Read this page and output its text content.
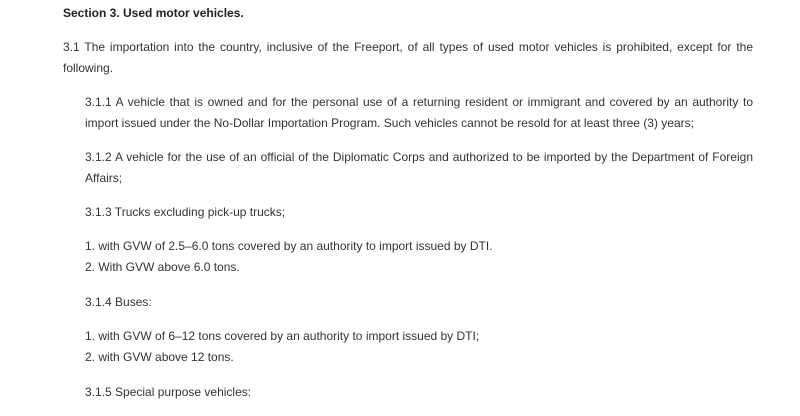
Section 3. Used motor vehicles.
3.1 The importation into the country, inclusive of the Freeport, of all types of used motor vehicles is prohibited, except for the following.
3.1.1 A vehicle that is owned and for the personal use of a returning resident or immigrant and covered by an authority to import issued under the No-Dollar Importation Program. Such vehicles cannot be resold for at least three (3) years;
3.1.2 A vehicle for the use of an official of the Diplomatic Corps and authorized to be imported by the Department of Foreign Affairs;
3.1.3 Trucks excluding pick-up trucks;
1. with GVW of 2.5–6.0 tons covered by an authority to import issued by DTI.
2. With GVW above 6.0 tons.
3.1.4 Buses:
1. with GVW of 6–12 tons covered by an authority to import issued by DTI;
2. with GVW above 12 tons.
3.1.5 Special purpose vehicles:
